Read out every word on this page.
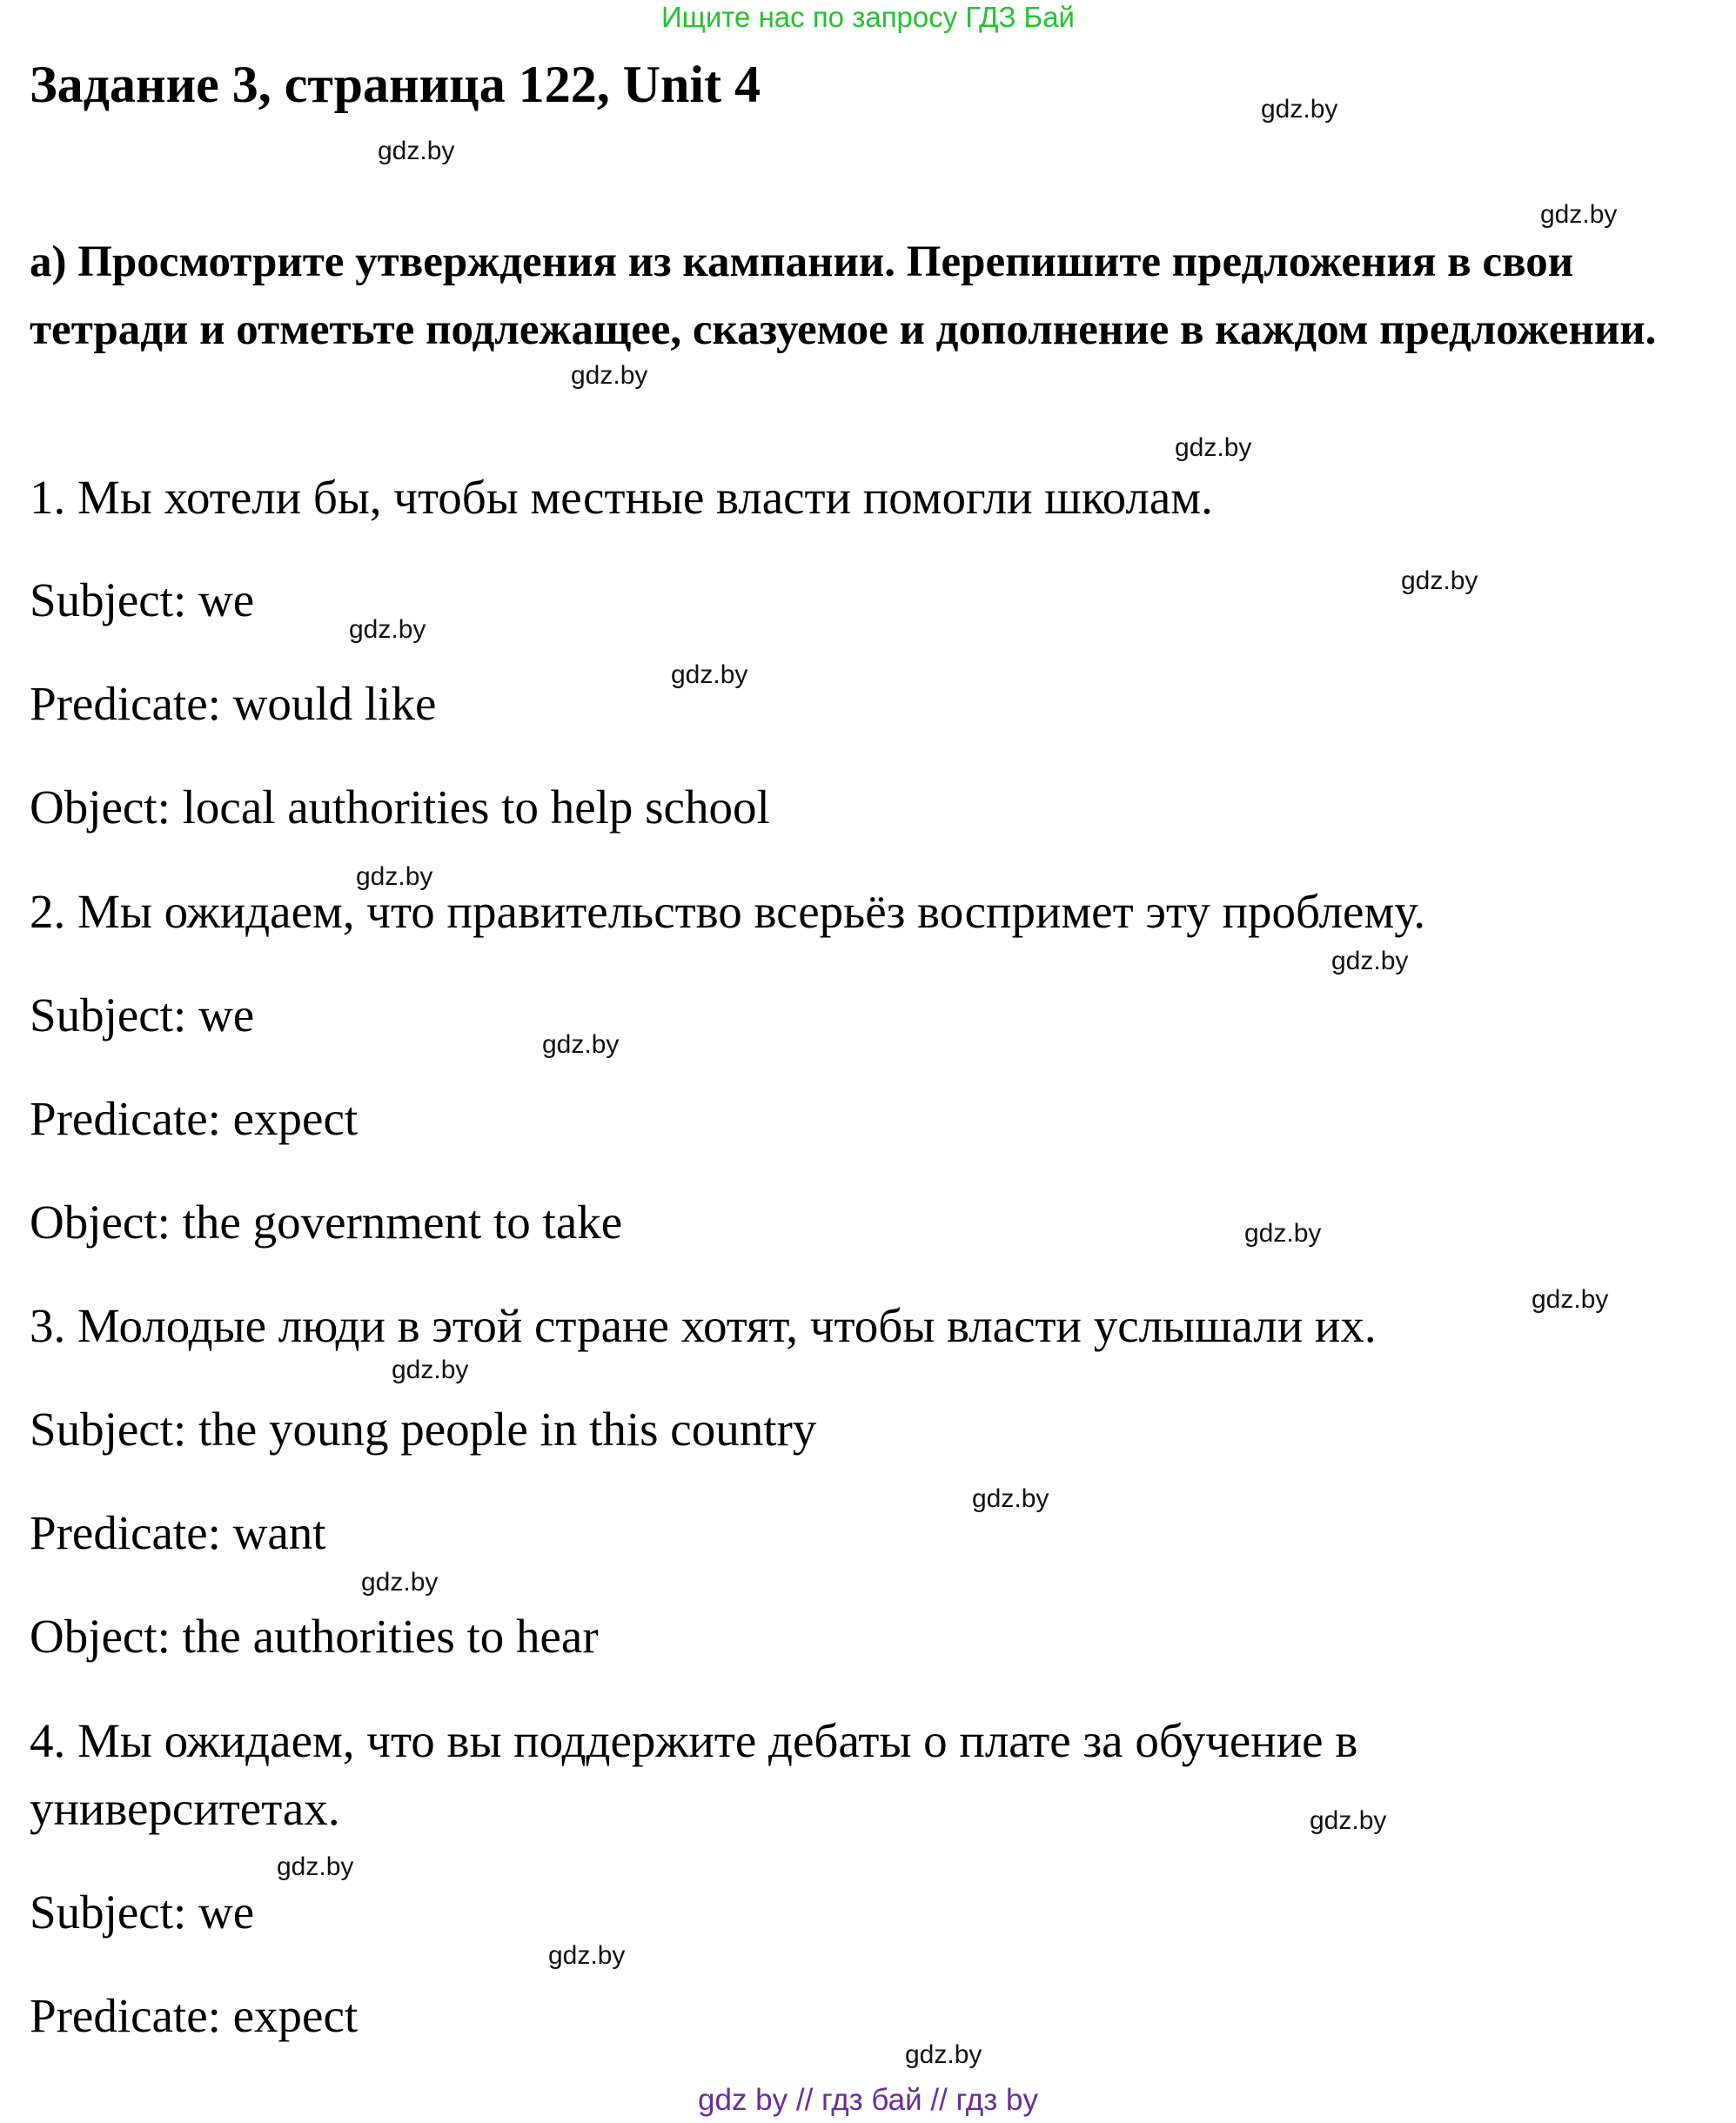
Ищите нас по запросу ГДЗ Бай
Задание 3, страница 122, Unit 4

а) Просмотрите утверждения из кампании. Перепишите предложения в свои тетради и отметьте подлежащее, сказуемое и дополнение в каждом предложении.

1. Мы хотели бы, чтобы местные власти помогли школам.

Subject: we

Predicate: would like

Object: local authorities to help school

2. Мы ожидаем, что правительство всерьёз воспримет эту проблему.

Subject: we

Predicate: expect

Object: the government to take

3. Молодые люди в этой стране хотят, чтобы власти услышали их.

Subject: the young people in this country

Predicate: want

Object: the authorities to hear

4. Мы ожидаем, что вы поддержите дебаты о плате за обучение в университетах.

Subject: we

Predicate: expect

gdz.by
gdz.by
gdz.by
gdz.by
gdz.by
gdz.by
gdz.by
gdz.by
gdz.by
gdz.by
gdz.by
gdz.by
gdz.by
gdz.by
gdz.by
gdz.by
gdz.by
gdz.by
gdz.by
gdz.by
gdz by // гдз бай // гдз by
